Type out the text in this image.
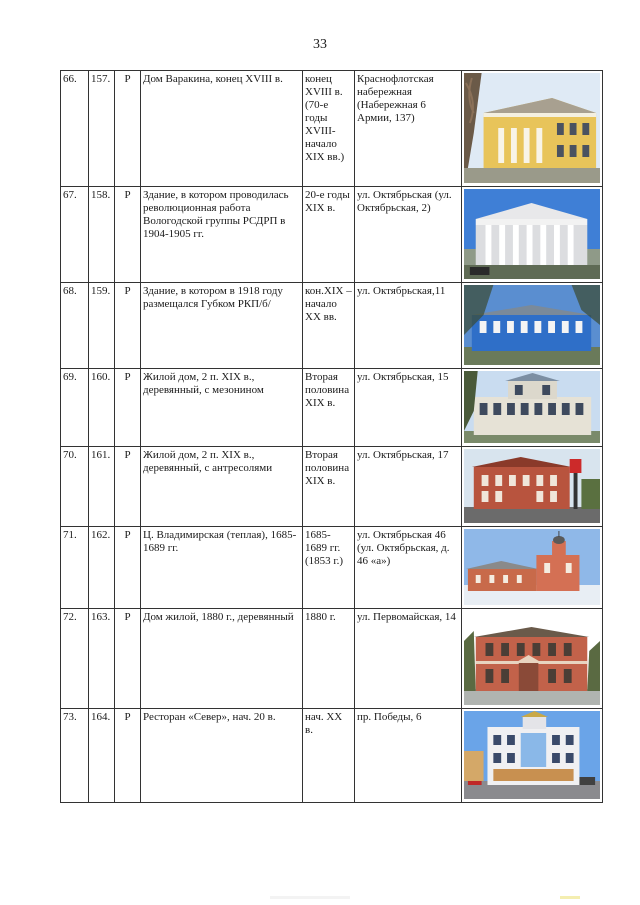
33
66.	157.	Р	Дом Варакина, конец XVIII в.	конец XVIII в. (70-е годы XVIII-начало XIX вв.)	Краснофлотская набережная (Набережная 6 Армии, 137)	

67.	158.	Р	Здание, в котором проводилась революционная работа Вологодской группы РСДРП в 1904-1905 гг.	20-е годы XIX в.	ул. Октябрьская (ул. Октябрьская, 2)	

68.	159.	Р	Здание, в котором в 1918 году размещался Губком РКП/б/	кон.XIX – начало XX вв.	ул. Октябрьская,11	

69.	160.	Р	Жилой дом, 2 п. XIX в., деревянный, с мезонином	Вторая половина XIX в.	ул. Октябрьская, 15	

70.	161.	Р	Жилой дом, 2 п. XIX в., деревянный, с антресолями	Вторая половина XIX в.	ул. Октябрьская, 17	

71.	162.	Р	Ц. Владимирская (теплая), 1685-1689 гг.	1685-1689 гг. (1853 г.)	ул. Октябрьская 46 (ул. Октябрьская, д. 46 «а»)	

72.	163.	Р	Дом жилой, 1880 г., деревянный	1880 г.	ул. Первомайская, 14	

73.	164.	Р	Ресторан «Север», нач. 20 в.	нач. XX в.	пр. Победы, 6	
